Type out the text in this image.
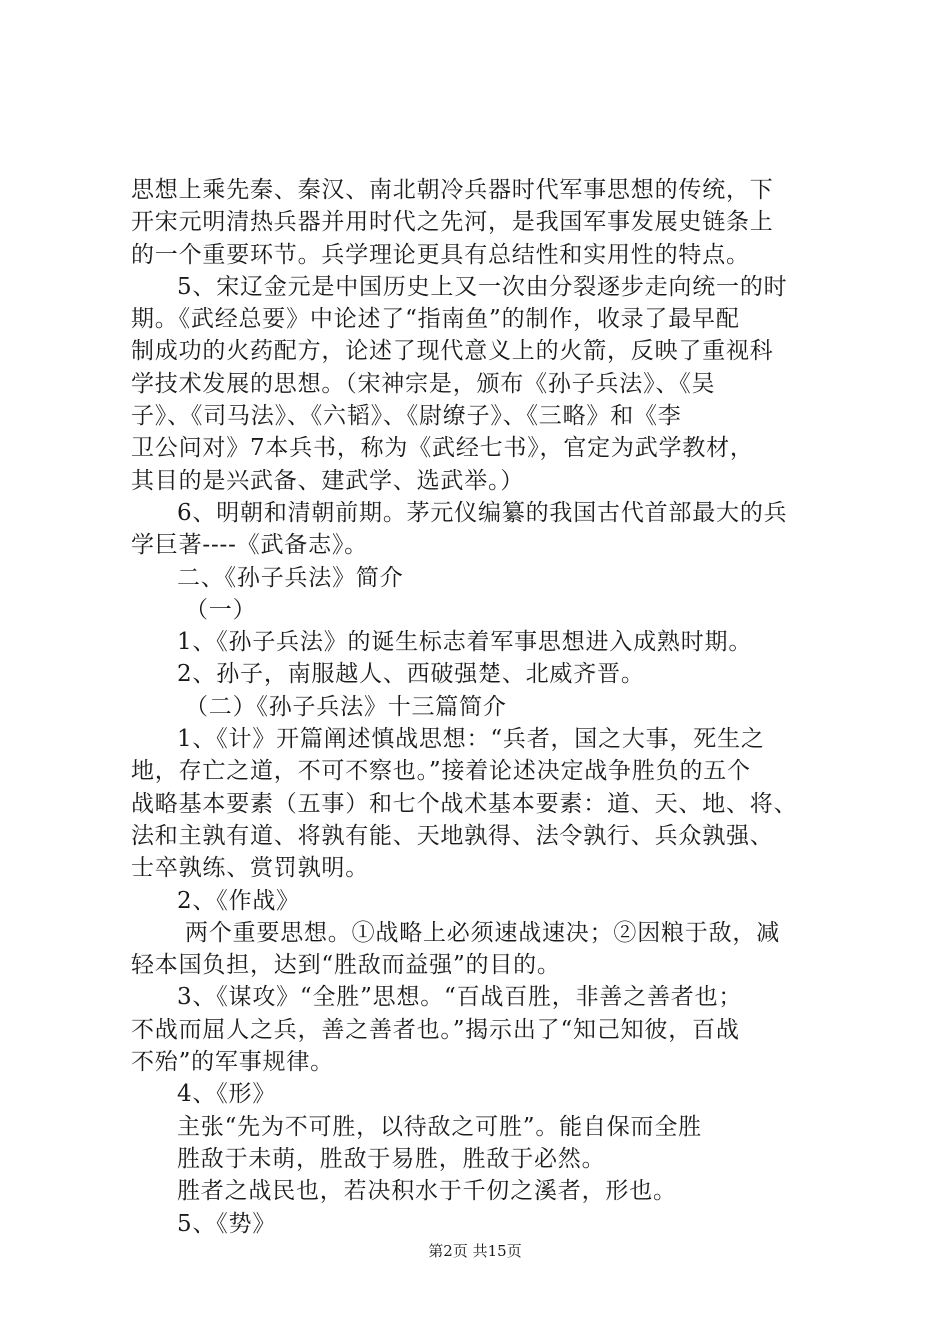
思想上乘先秦、秦汉、南北朝冷兵器时代军事思想的传统，下
开宋元明清热兵器并用时代之先河，是我国军事发展史链条上
的一个重要环节。兵学理论更具有总结性和实用性的特点。
5、宋辽金元是中国历史上又一次由分裂逐步走向统一的时
期。《武经总要》中论述了“指南鱼”的制作，收录了最早配
制成功的火药配方，论述了现代意义上的火箭，反映了重视科
学技术发展的思想。（宋神宗是，颁布《孙子兵法》、《吴
子》、《司马法》、《六韬》、《尉缭子》、《三略》和《李
卫公问对》7本兵书，称为《武经七书》，官定为武学教材，
其目的是兴武备、建武学、选武举。）
6、明朝和清朝前期。茅元仪编纂的我国古代首部最大的兵
学巨著----《武备志》。
二、《孙子兵法》简介
（一）
1、《孙子兵法》的诞生标志着军事思想进入成熟时期。
2、孙子，南服越人、西破强楚、北威齐晋。
（二）《孙子兵法》十三篇简介
1、《计》开篇阐述慎战思想：“兵者，国之大事，死生之
地，存亡之道，不可不察也。”接着论述决定战争胜负的五个
战略基本要素（五事）和七个战术基本要素：道、天、地、将、
法和主孰有道、将孰有能、天地孰得、法令孰行、兵众孰强、
士卒孰练、赏罚孰明。
2、《作战》
两个重要思想。①战略上必须速战速决；②因粮于敌，减
轻本国负担，达到“胜敌而益强”的目的。
3、《谋攻》“全胜”思想。“百战百胜，非善之善者也；
不战而屈人之兵，善之善者也。”揭示出了“知己知彼，百战
不殆”的军事规律。
4、《形》
主张“先为不可胜，以待敌之可胜”。能自保而全胜
胜敌于未萌，胜敌于易胜，胜敌于必然。
胜者之战民也，若决积水于千仞之溪者，形也。
5、《势》
第2页 共15页
